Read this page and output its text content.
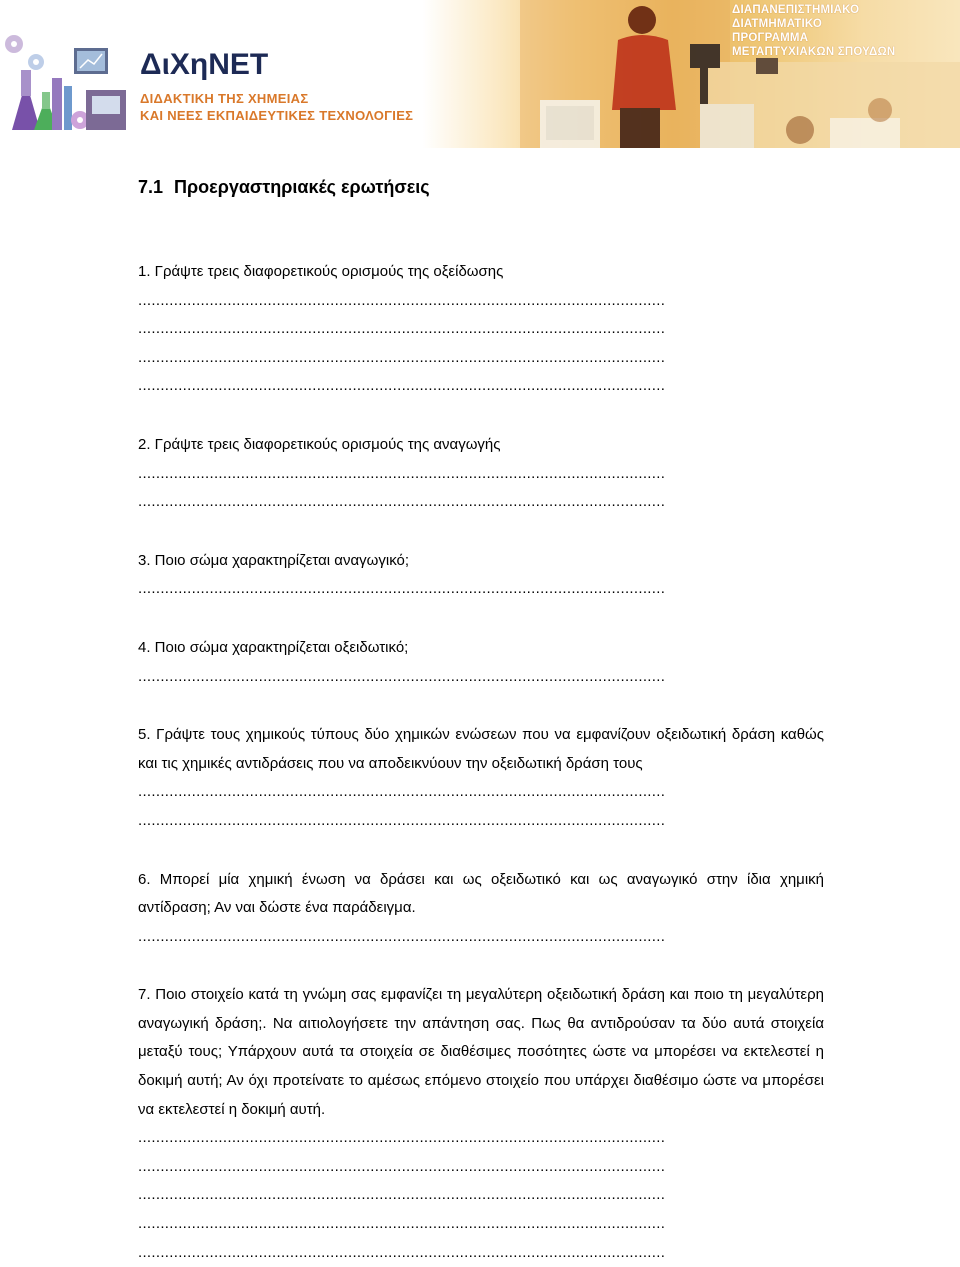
ΔιΧηΝΕΤ
ΔΙΔΑΚΤΙΚΗ ΤΗΣ ΧΗΜΕΙΑΣ
ΚΑΙ ΝΕΕΣ ΕΚΠΑΙΔΕΥΤΙΚΕΣ ΤΕΧΝΟΛΟΓΙΕΣ
ΔΙΑΠΑΝΕΠΙΣΤΗΜΙΑΚΟ
ΔΙΑΤΜΗΜΑΤΙΚΟ
ΠΡΟΓΡΑΜΜΑ
ΜΕΤΑΠΤΥΧΙΑΚΩΝ ΣΠΟΥΔΩΝ
7.1 Προεργαστηριακές ερωτήσεις
1. Γράψτε τρεις διαφορετικούς ορισμούς της οξείδωσης
......................................................................................................................
......................................................................................................................
......................................................................................................................
......................................................................................................................
2. Γράψτε τρεις διαφορετικούς ορισμούς της αναγωγής
......................................................................................................................
......................................................................................................................
3. Ποιο σώμα χαρακτηρίζεται αναγωγικό;
......................................................................................................................
4. Ποιο σώμα χαρακτηρίζεται οξειδωτικό;
......................................................................................................................
5. Γράψτε τους χημικούς τύπους δύο χημικών ενώσεων που να εμφανίζουν οξειδωτική δράση καθώς και τις χημικές αντιδράσεις που να αποδεικνύουν την οξειδωτική δράση τους
......................................................................................................................
......................................................................................................................
6. Μπορεί μία χημική ένωση να δράσει και ως οξειδωτικό και ως αναγωγικό στην ίδια χημική αντίδραση; Αν ναι δώστε ένα παράδειγμα.
......................................................................................................................
7. Ποιο στοιχείο κατά τη γνώμη σας εμφανίζει τη μεγαλύτερη οξειδωτική δράση και ποιο τη μεγαλύτερη αναγωγική δράση;. Να αιτιολογήσετε την απάντηση σας. Πως θα αντιδρούσαν τα δύο αυτά στοιχεία μεταξύ τους; Υπάρχουν αυτά τα στοιχεία σε διαθέσιμες ποσότητες ώστε να μπορέσει να εκτελεστεί η δοκιμή αυτή; Αν όχι προτείνατε το αμέσως επόμενο στοιχείο που υπάρχει διαθέσιμο ώστε να μπορέσει να εκτελεστεί η δοκιμή αυτή.
......................................................................................................................
......................................................................................................................
......................................................................................................................
......................................................................................................................
......................................................................................................................
